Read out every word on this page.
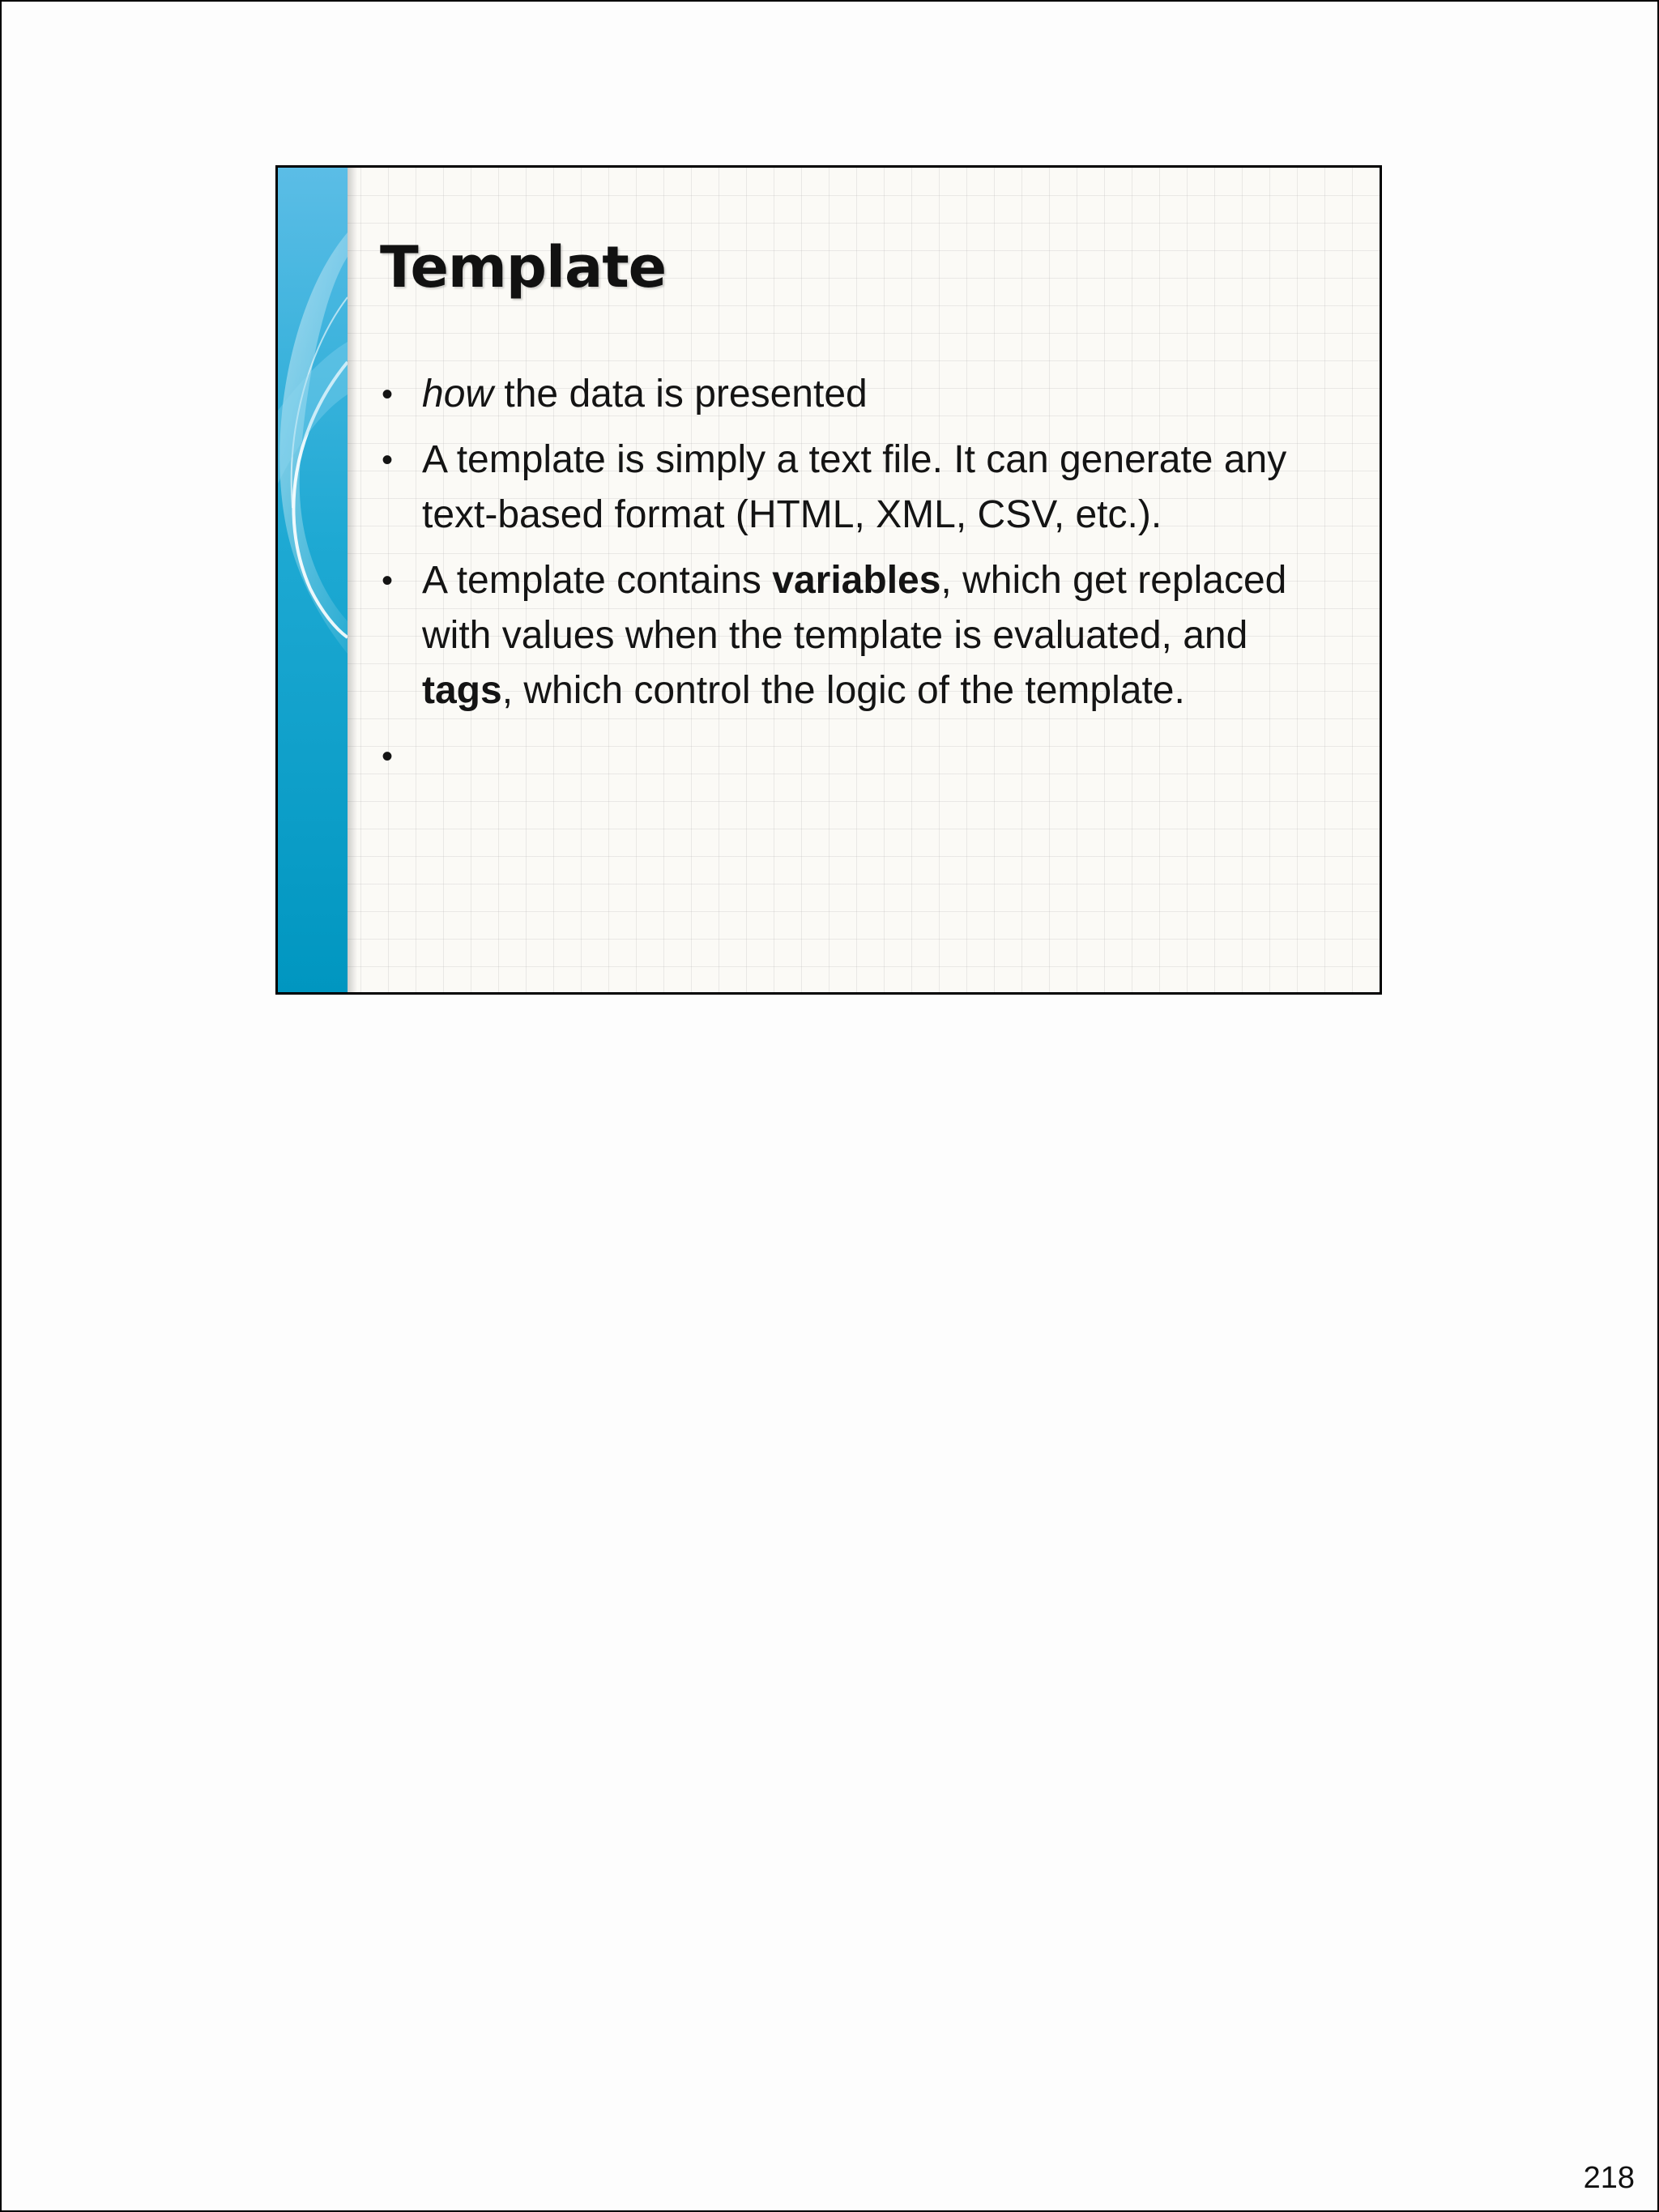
Template
• how the data is presented
• A template is simply a text file. It can generate any text-based format (HTML, XML, CSV, etc.).
• A template contains variables, which get replaced with values when the template is evaluated, and tags, which control the logic of the template.
•

218
